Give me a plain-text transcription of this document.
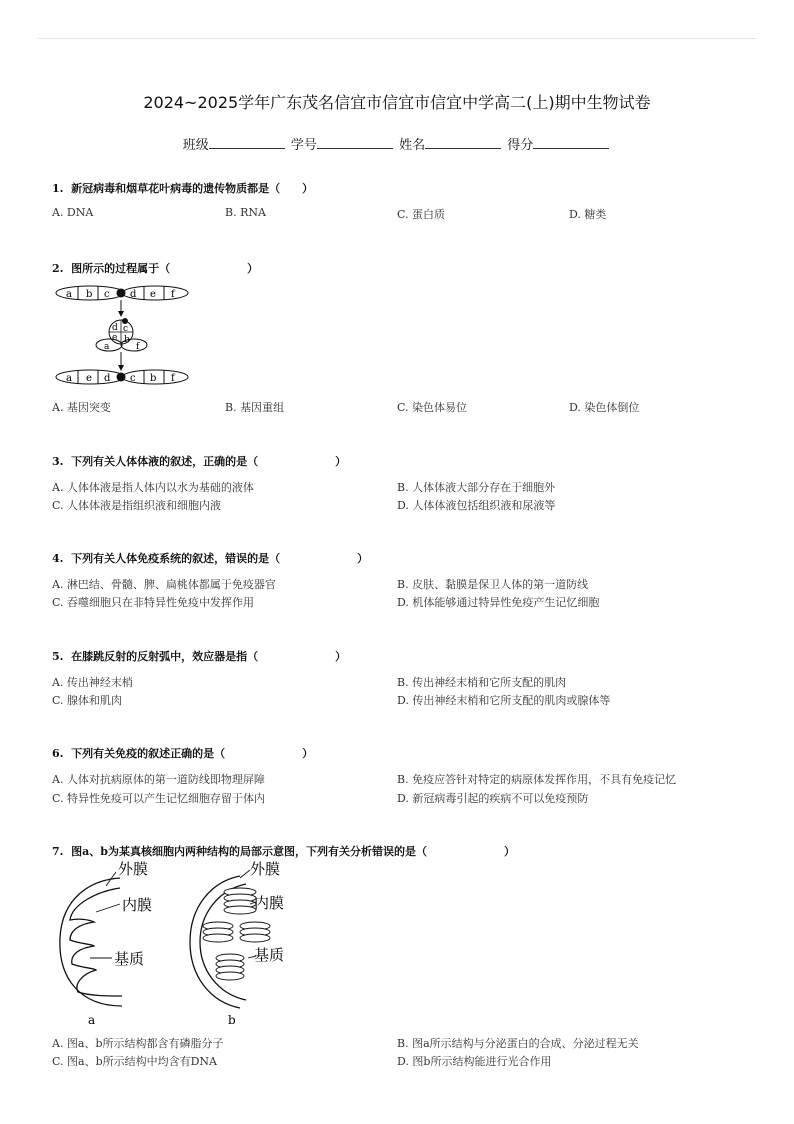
2024~2025学年广东茂名信宜市信宜市信宜中学高二(上)期中生物试卷
班级	学号	姓名	得分
1. 新冠病毒和烟草花叶病毒的遗传物质都是（　　）
A. DNA	B. RNA	C. 蛋白质	D. 糖类
2. 图所示的过程属于（　　　　　　　）
a b c d e f
d c
e b
a	f
a e d c b f
A. 基因突变	B. 基因重组	C. 染色体易位	D. 染色体倒位
3. 下列有关人体体液的叙述，正确的是（　　　　　　　）
A. 人体体液是指人体内以水为基础的液体	B. 人体体液大部分存在于细胞外
C. 人体体液是指组织液和细胞内液	D. 人体体液包括组织液和尿液等
4. 下列有关人体免疫系统的叙述，错误的是（　　　　　　　）
A. 淋巴结、骨髓、脾、扁桃体都属于免疫器官	B. 皮肤、黏膜是保卫人体的第一道防线
C. 吞噬细胞只在非特异性免疫中发挥作用	D. 机体能够通过特异性免疫产生记忆细胞
5. 在膝跳反射的反射弧中，效应器是指（　　　　　　　）
A. 传出神经末梢	B. 传出神经末梢和它所支配的肌肉
C. 腺体和肌肉	D. 传出神经末梢和它所支配的肌肉或腺体等
6. 下列有关免疫的叙述正确的是（　　　　　　　）
A. 人体对抗病原体的第一道防线即物理屏障	B. 免疫应答针对特定的病原体发挥作用，不具有免疫记忆
C. 特异性免疫可以产生记忆细胞存留于体内	D. 新冠病毒引起的疾病不可以免疫预防
7. 图a、b为某真核细胞内两种结构的局部示意图，下列有关分析错误的是（　　　　　　　）
外膜
内膜
基质
a
外膜
内膜
基质
b
A. 图a、b所示结构都含有磷脂分子	B. 图a所示结构与分泌蛋白的合成、分泌过程无关
C. 图a、b所示结构中均含有DNA	D. 图b所示结构能进行光合作用
